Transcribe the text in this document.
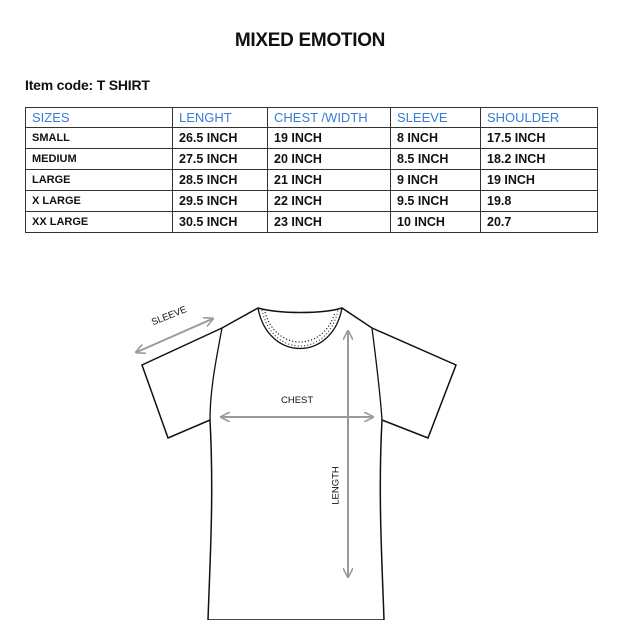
MIXED EMOTION
Item code: T SHIRT
SIZES	LENGHT	CHEST /WIDTH	SLEEVE	SHOULDER
SMALL	26.5 INCH	19 INCH	8 INCH	17.5 INCH
MEDIUM	27.5 INCH	20 INCH	8.5 INCH	18.2 INCH
LARGE	28.5 INCH	21 INCH	9 INCH	19 INCH
X LARGE	29.5 INCH	22 INCH	9.5 INCH	19.8
XX LARGE	30.5 INCH	23 INCH	10 INCH	20.7
SLEEVE
CHEST
LENGTH
